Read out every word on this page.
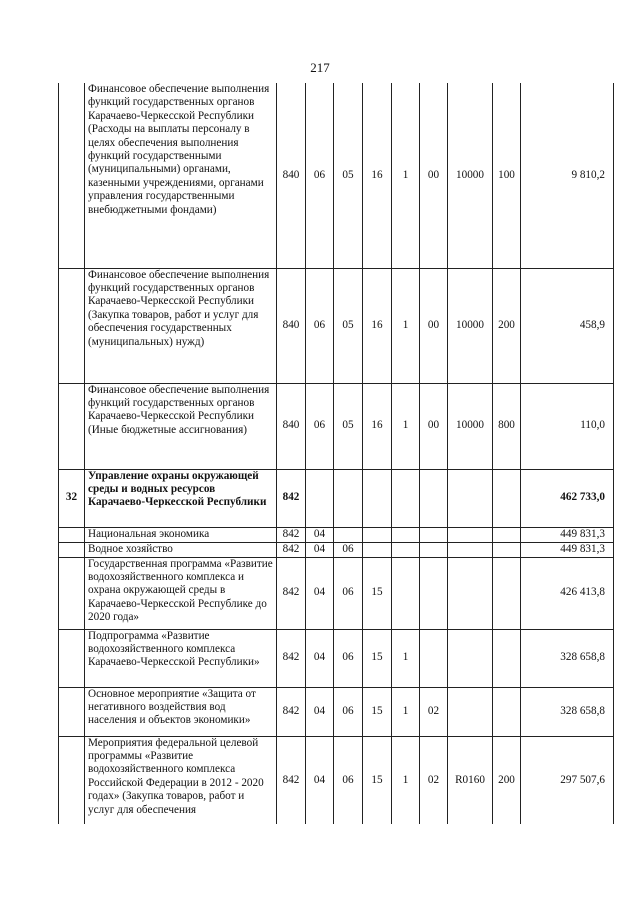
217
	Финансовое обеспечение выполнения функций государственных органов Карачаево-Черкесской Республики (Расходы на выплаты персоналу в целях обеспечения выполнения функций государственными (муниципальными) органами, казенными учреждениями, органами управления государственными внебюджетными фондами)	840	06	05	16	1	00	10000	100	9 810,2
	Финансовое обеспечение выполнения функций государственных органов Карачаево-Черкесской Республики (Закупка товаров, работ и услуг для обеспечения государственных (муниципальных) нужд)	840	06	05	16	1	00	10000	200	458,9
	Финансовое обеспечение выполнения функций государственных органов Карачаево-Черкесской Республики (Иные бюджетные ассигнования)	840	06	05	16	1	00	10000	800	110,0
32	Управление охраны окружающей среды и водных ресурсов Карачаево-Черкесской Республики	842								462 733,0
	Национальная экономика	842	04							449 831,3
	Водное хозяйство	842	04	06						449 831,3
	Государственная программа «Развитие водохозяйственного комплекса и охрана окружающей среды в Карачаево-Черкесской Республике до 2020 года»	842	04	06	15					426 413,8
	Подпрограмма «Развитие водохозяйственного комплекса Карачаево-Черкесской Республики»	842	04	06	15	1				328 658,8
	Основное мероприятие «Защита от негативного воздействия вод населения и объектов экономики»	842	04	06	15	1	02			328 658,8
	Мероприятия федеральной целевой программы «Развитие водохозяйственного комплекса Российской Федерации в 2012 - 2020 годах» (Закупка товаров, работ и услуг для обеспечения	842	04	06	15	1	02	R0160	200	297 507,6
